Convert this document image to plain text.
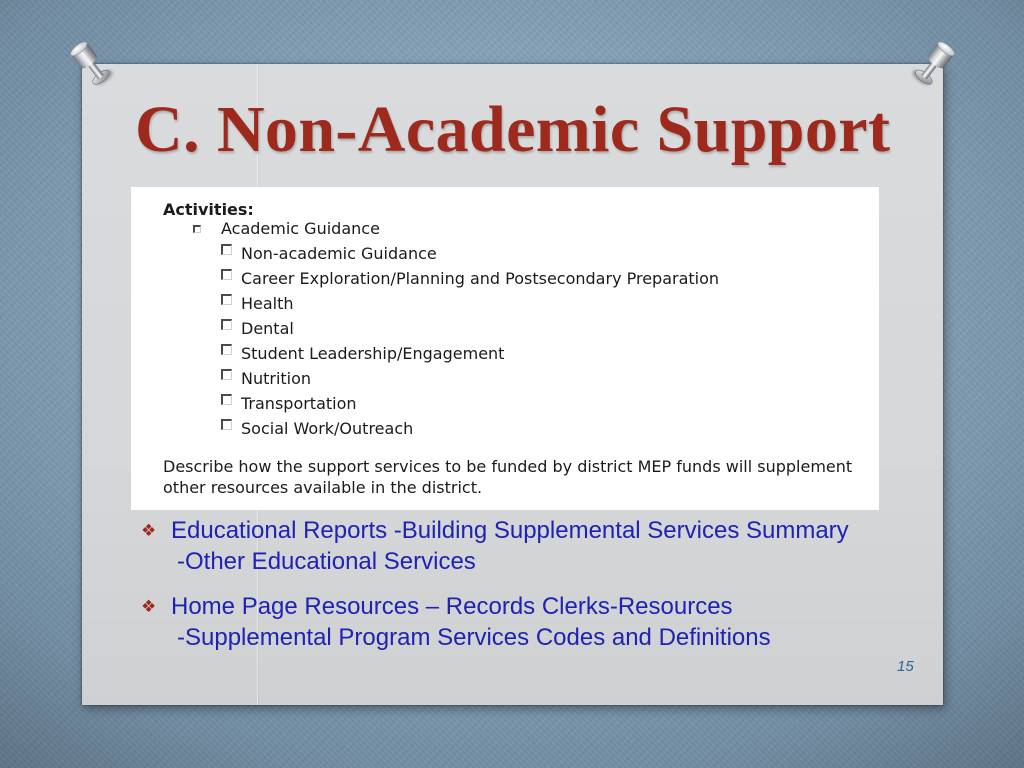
C. Non-Academic Support
Activities:
Academic Guidance
Non-academic Guidance
Career Exploration/Planning and Postsecondary Preparation
Health
Dental
Student Leadership/Engagement
Nutrition
Transportation
Social Work/Outreach
Describe how the support services to be funded by district MEP funds will supplement
other resources available in the district.
❖ Educational Reports -Building Supplemental Services Summary
-Other Educational Services
❖ Home Page Resources – Records Clerks-Resources
-Supplemental Program Services Codes and Definitions
15
